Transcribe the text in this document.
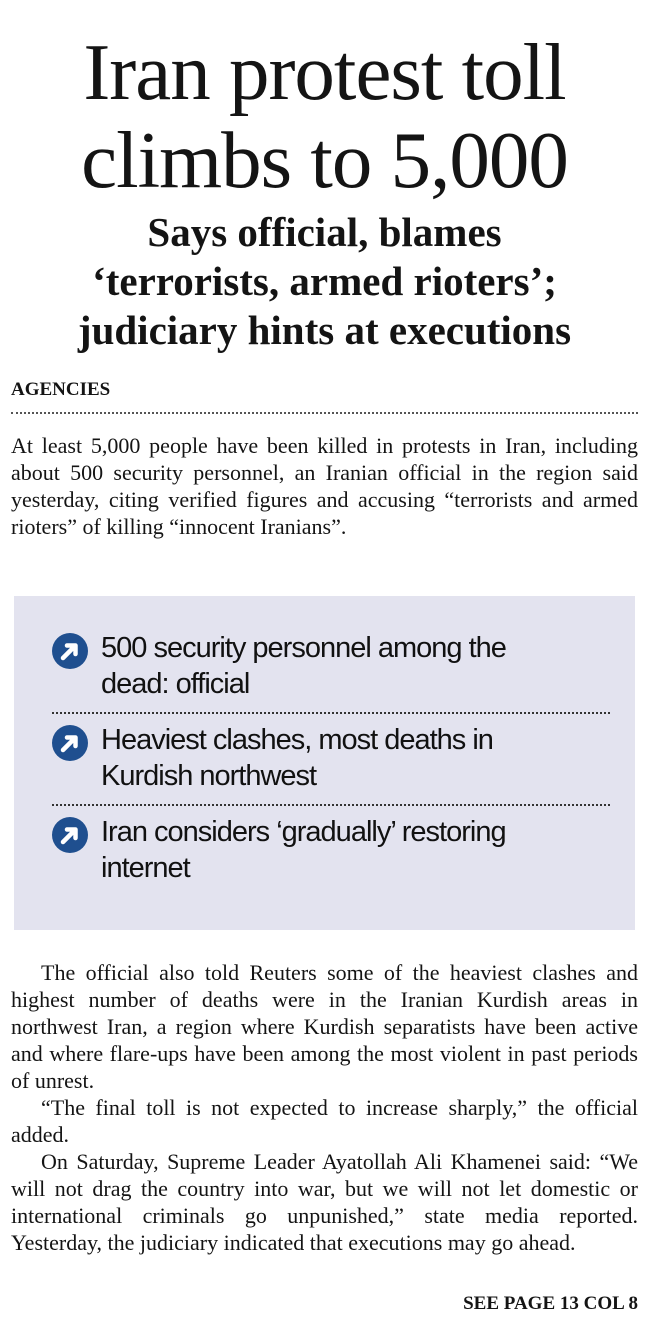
Iran protest toll
climbs to 5,000
Says official, blames
‘terrorists, armed rioters’;
judiciary hints at executions
AGENCIES

At least 5,000 people have been killed in protests in Iran, including about 500 security personnel, an Iranian official in the region said yesterday, citing verified figures and accusing “terrorists and armed rioters” of killing “innocent Iranians”.

500 security personnel among the
dead: official
Heaviest clashes, most deaths in
Kurdish northwest
Iran considers ‘gradually’ restoring
internet

The official also told Reuters some of the heaviest clashes and highest number of deaths were in the Iranian Kurdish areas in northwest Iran, a region where Kurdish separatists have been active and where flare-ups have been among the most violent in past periods of unrest.

“The final toll is not expected to increase sharply,” the official added.

On Saturday, Supreme Leader Ayatollah Ali Khamenei said: “We will not drag the country into war, but we will not let domestic or international criminals go unpunished,” state media reported. Yesterday, the judiciary indicated that executions may go ahead.

SEE PAGE 13 COL 8
